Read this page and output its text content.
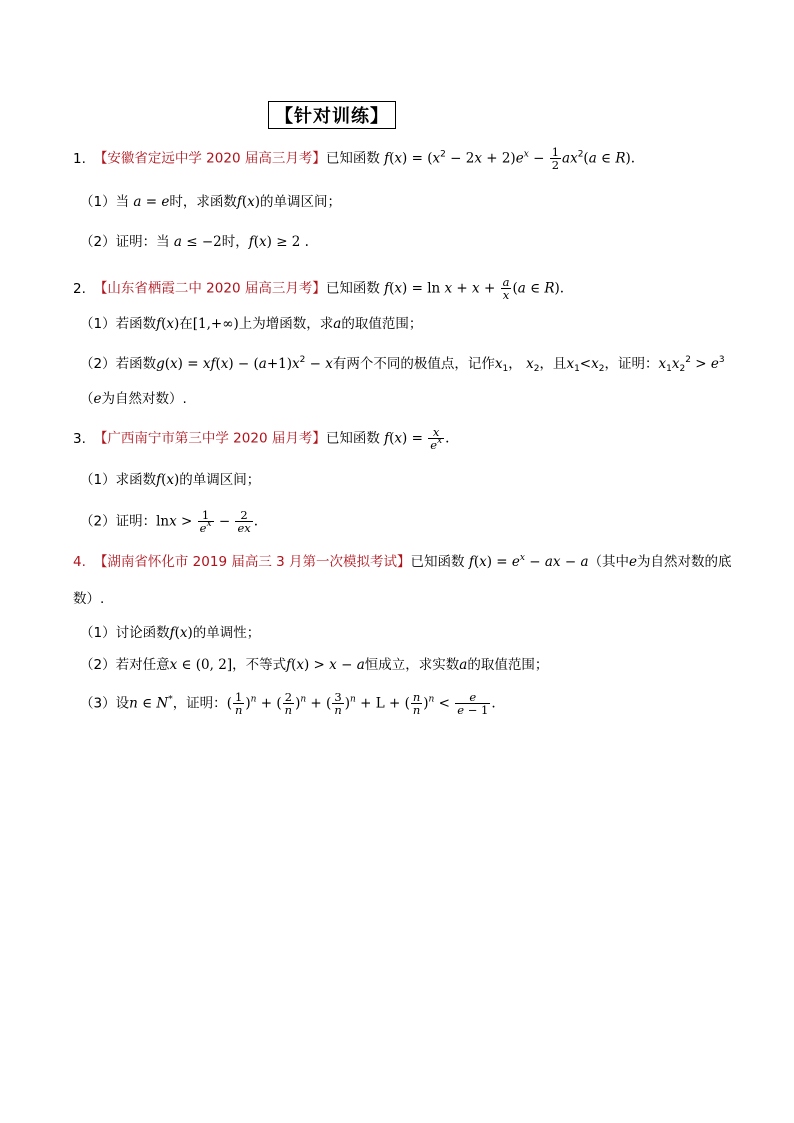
【针对训练】
1. 【安徽省定远中学 2020 届高三月考】已知函数 $f(x) = (x^2 - 2x + 2)e^x - \frac{1}{2} ax^2(a$ ∈ R).
（1）当 a = e时，求函数f(x)的单调区间；
（2）证明：当 a ≤ −2时，f(x) ≥ 2 .
2. 【山东省栖霞二中 2020 届高三月考】已知函数 $f(x) = \ln x + x + \frac{a}{x} (a$ ∈ R).
（1）若函数f(x)在[1,+∞)上为增函数，求a的取值范围；
（2）若函数$g(x) = xf(x) - (a+1)x^2 - x$有两个不同的极值点，记作$x_1$， $x_2$，且$x_1<x_2$，证明：$x_1x_2^2 > e^3$
（e为自然对数）.
3. 【广西南宁市第三中学 2020 届月考】已知函数 $f(x) = \frac{x}{e^x}$ .
（1）求函数f(x)的单调区间；
（2）证明：$\ln x > \frac{1}{e^x} - \frac{2}{ex}$ .
4. 【湖南省怀化市 2019 届高三 3 月第一次模拟考试】已知函数 $f(x) = e^x$ − ax − a（其中e为自然对数的底
数）.
（1）讨论函数f(x)的单调性；
（2）若对任意x ∈ (0, 2]，不等式f(x) > x − a恒成立，求实数a的取值范围；
（3）设n ∈ N*，证明：( $\frac{1}{n} )^n$ + ( $\frac{2}{n} )^n$ + ( $\frac{3}{n} )^n + L$ + ( $\frac{n}{n} )^n < \frac{e}{e - 1}$ .
